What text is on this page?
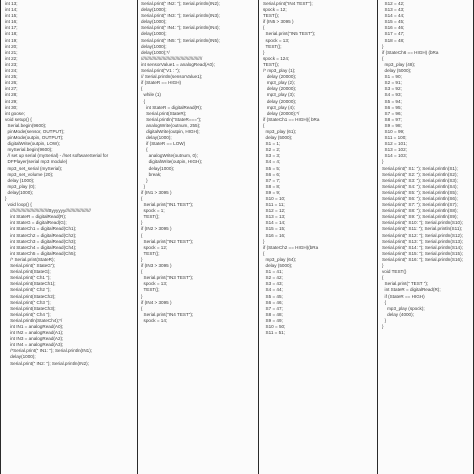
int 13;
int 14;
int 15;
int 16;
int 17;
int 18;
int 19;
int 20;
int 21;
int 22;
int 23;
int 24;
int 25;
int 26;
int 27;
int 28;
int 29;
int 30;
int goose;
void setup() {
Serial.begin(9600);
pinMode(sensor, OUTPUT);
pinMode(outpin, OUTPUT);
digitalWrite(outpin, LOW);
mySerial.begin(9600);
// set up serial (mySerial) - //set softwareSerial for
DFPlayer(serial mp3 module)
mp3_set_serial (mySerial);
mp3_set_volume (20);
delay (1000);
mp3_play (0);
delay(1000);
}
void loop() {
//////////////////////////////Byyyyyy////////////////////
int StateR = digitalRead(R);
int StateG = digitalRead(G);
int StateCh1 = digitalRead(Ch1);
int StateCh2 = digitalRead(Ch2);
int StateCh3 = digitalRead(Ch3);
int StateCh4 = digitalRead(Ch4);
int StateCh5 = digitalRead(Ch5);
/* Serial.print(StateR);
Serial.print(" StateG");
Serial.print(StateG);
Serial.print(" Ch1 ");
Serial.print(StateCh1);
Serial.print(" Ch2 ");
Serial.print(StateCh2);
Serial.print(" Ch3 ");
Serial.print(StateCh3);
Serial.print(" Ch4 ");
Serial.println(StateCh4);*/
int IN1 = analogRead(A0);
int IN2 = analogRead(A1);
int IN3 = analogRead(A2);
int IN4 = analogRead(A3);
/*Serial.print(" IN1: "); Serial.println(IN1);
delay(1000);
Serial.print(" IN2: "); Serial.println(IN2);
Serial.print(" IN2: "); Serial.println(IN2);
delay(1000);
Serial.print(" IN3: "); Serial.println(IN3);
delay(1000);
Serial.print(" IN4: "); Serial.println(IN4);
delay(1000);
Serial.print(" IN5: "); Serial.println(IN5);
delay(1000);
delay(1000);*/
////////////////////////////////////////////////
int sensorValue1 = analogRead(A0);
Serial.print("V1 : ");
// Serial.println(sensorValue1);
if (StateR == HIGH)
{
while (1)
{
int StateR = digitalRead(R);
Serial.print(StateR);
Serial.println("StateR===");
analogWrite(outnum, 255);
digitalWrite(outpin, HIGH);
delay(1000);
if (StateR == LOW)
{
analogWrite(outnum, 0);
digitalWrite(outpin, HIGH);
delay(1000);
break;
}
}
if (IN1 > 3095 )
{
Serial.print("IN1 TEST");
spock = 1;
TEST();
}
if (IN2 > 3095 )
{
Serial.print("IN2 TEST");
spock = 12;
TEST();
}
if (IN3 > 3095 )
{
Serial.print("IN3 TEST");
spock = 13;
TEST();
}
if (IN4 > 3095 )
{
Serial.print("IN4 TEST");
spock = 14;
Serial.print("IN4 TEST");
spock = 12;
TEST();
if (IN5 > 3095 )
{
Serial.print("IN5 TEST");
spock = 13;
TEST();
}
spock = 124;
TEST();
/* mp3_play (1);
delay (20000);
mp3_play (2);
delay (20000);
mp3_play (3);
delay (20000);
mp3_play (4);
delay (20000);*/
if (StateCh1 == HIGH){ bRa
{
mp3_play (61);
delay (5000);
S1 = 1;
S2 = 2;
S3 = 3;
S4 = 4;
S5 = 5;
S6 = 6;
S7 = 7;
S8 = 8;
S9 = 9;
S10 = 10;
S11 = 11;
S12 = 12;
S13 = 13;
S14 = 14;
S15 = 15;
S16 = 16;
}
if (StateCh2 == HIGH)(bRa
{
mp3_play (64);
delay (5000);
S1 = 41;
S2 = 42;
S3 = 43;
S4 = 44;
S5 = 45;
S6 = 46;
S7 = 47;
S8 = 48;
S9 = 49;
S10 = 50;
S11 = 51;
S12 = 42;
S13 = 43;
S14 = 44;
S15 = 45;
S16 = 46;
S17 = 47;
S18 = 48;
}
if (StateCh6 == HIGH) (bRa
{
mp3_play (48);
delay (5000);
S1 = 90;
S2 = 91;
S3 = 92;
S4 = 93;
S5 = 94;
S6 = 95;
S7 = 96;
S8 = 97;
S9 = 98;
S10 = 99;
S11 = 100;
S12 = 101;
S13 = 102;
S14 = 103;
}
Serial.print(" S1: "); Serial.println(S1);
Serial.print(" S2: "); Serial.println(S2);
Serial.print(" S3: "); Serial.println(S3);
Serial.print(" S4: "); Serial.println(S4);
Serial.print(" S5: "); Serial.println(S5);
Serial.print(" S6: "); Serial.println(S6);
Serial.print(" S7: "); Serial.println(S7);
Serial.print(" S8: "); Serial.println(S8);
Serial.print(" S9: "); Serial.println(S9);
Serial.print(" S10: "); Serial.println(S10);
Serial.print(" S11: "); Serial.println(S11);
Serial.print(" S12: "); Serial.println(S12);
Serial.print(" S13: "); Serial.println(S13);
Serial.print(" S14: "); Serial.println(S14);
Serial.print(" S15: "); Serial.println(S15);
Serial.print(" S16: "); Serial.println(S16);
}
void TEST()
{
Serial.print(" TEST ");
int StateR = digitalRead(R);
if (StateR == HIGH)
{
mp3_play (spock);
delay (4000);
}
}
